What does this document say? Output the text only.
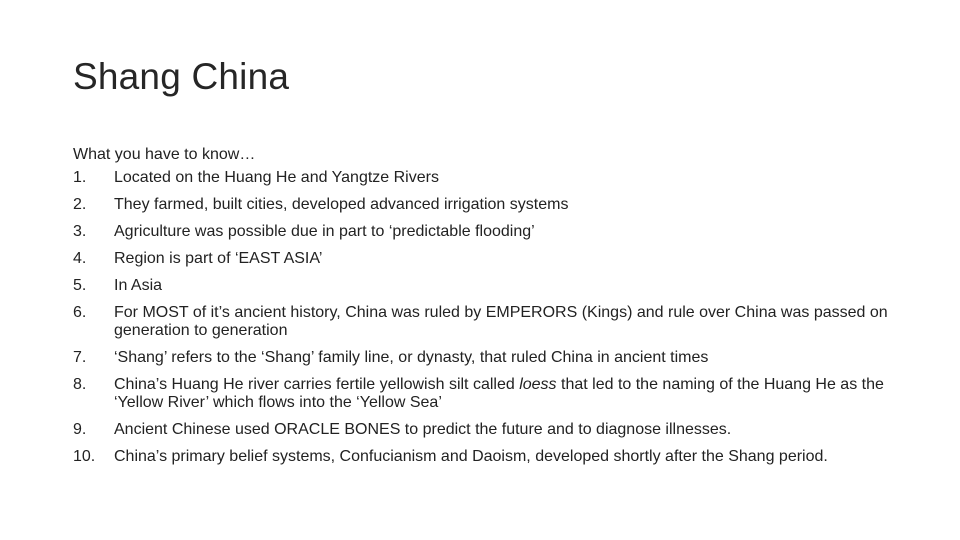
Shang China
What you have to know…
1.	Located on the Huang He and Yangtze Rivers
2.	They farmed, built cities, developed advanced irrigation systems
3.	Agriculture was possible due in part to ‘predictable flooding’
4.	Region is part of ‘EAST ASIA’
5.	In Asia
6.	For MOST of it’s ancient history, China was ruled by EMPERORS (Kings) and rule over China was passed on generation to generation
7.	‘Shang’ refers to the ‘Shang’ family line, or dynasty, that ruled China in ancient times
8.	China’s Huang He river carries fertile yellowish silt called loess that led to the naming of the Huang He as the ‘Yellow River’ which flows into the ‘Yellow Sea’
9.	Ancient Chinese used ORACLE BONES to predict the future and to diagnose illnesses.
10.	China’s primary belief systems, Confucianism and Daoism, developed shortly after the Shang period.
